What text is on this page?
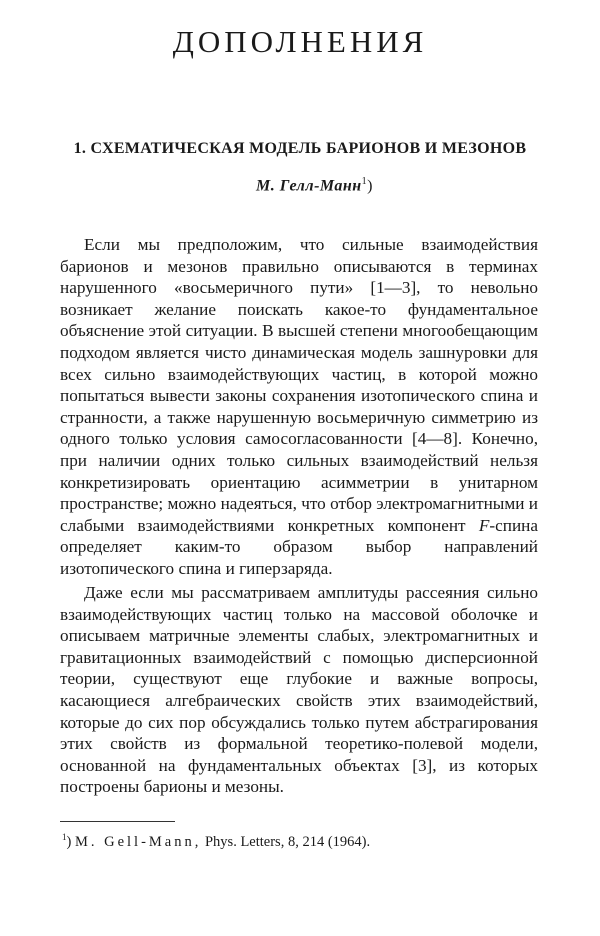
ДОПОЛНЕНИЯ
1. СХЕМАТИЧЕСКАЯ МОДЕЛЬ БАРИОНОВ И МЕЗОНОВ
М. Гелл-Манн$^1$)

Если мы предположим, что сильные взаимодействия барионов и мезонов правильно описываются в терминах нарушенного «восьмеричного пути» [1—3], то невольно возникает желание поискать какое-то фундаментальное объяснение этой ситуации. В высшей степени многообещающим подходом является чисто динамическая модель зашнуровки для всех сильно взаимодействующих частиц, в которой можно попытаться вывести законы сохранения изотопического спина и странности, а также нарушенную восьмеричную симметрию из одного только условия самосогласованности [4—8]. Конечно, при наличии одних только сильных взаимодействий нельзя конкретизировать ориентацию асимметрии в унитарном пространстве; можно надеяться, что отбор электромагнитными и слабыми взаимодействиями конкретных компонент F-спина определяет каким-то образом выбор направлений изотопического спина и гиперзаряда.

Даже если мы рассматриваем амплитуды рассеяния сильно взаимодействующих частиц только на массовой оболочке и описываем матричные элементы слабых, электромагнитных и гравитационных взаимодействий с помощью дисперсионной теории, существуют еще глубокие и важные вопросы, касающиеся алгебраических свойств этих взаимодействий, которые до сих пор обсуждались только путем абстрагирования этих свойств из формальной теоретико-полевой модели, основанной на фундаментальных объектах [3], из которых построены барионы и мезоны.

$^1$) M. Gell-Mann, Phys. Letters, 8, 214 (1964).
